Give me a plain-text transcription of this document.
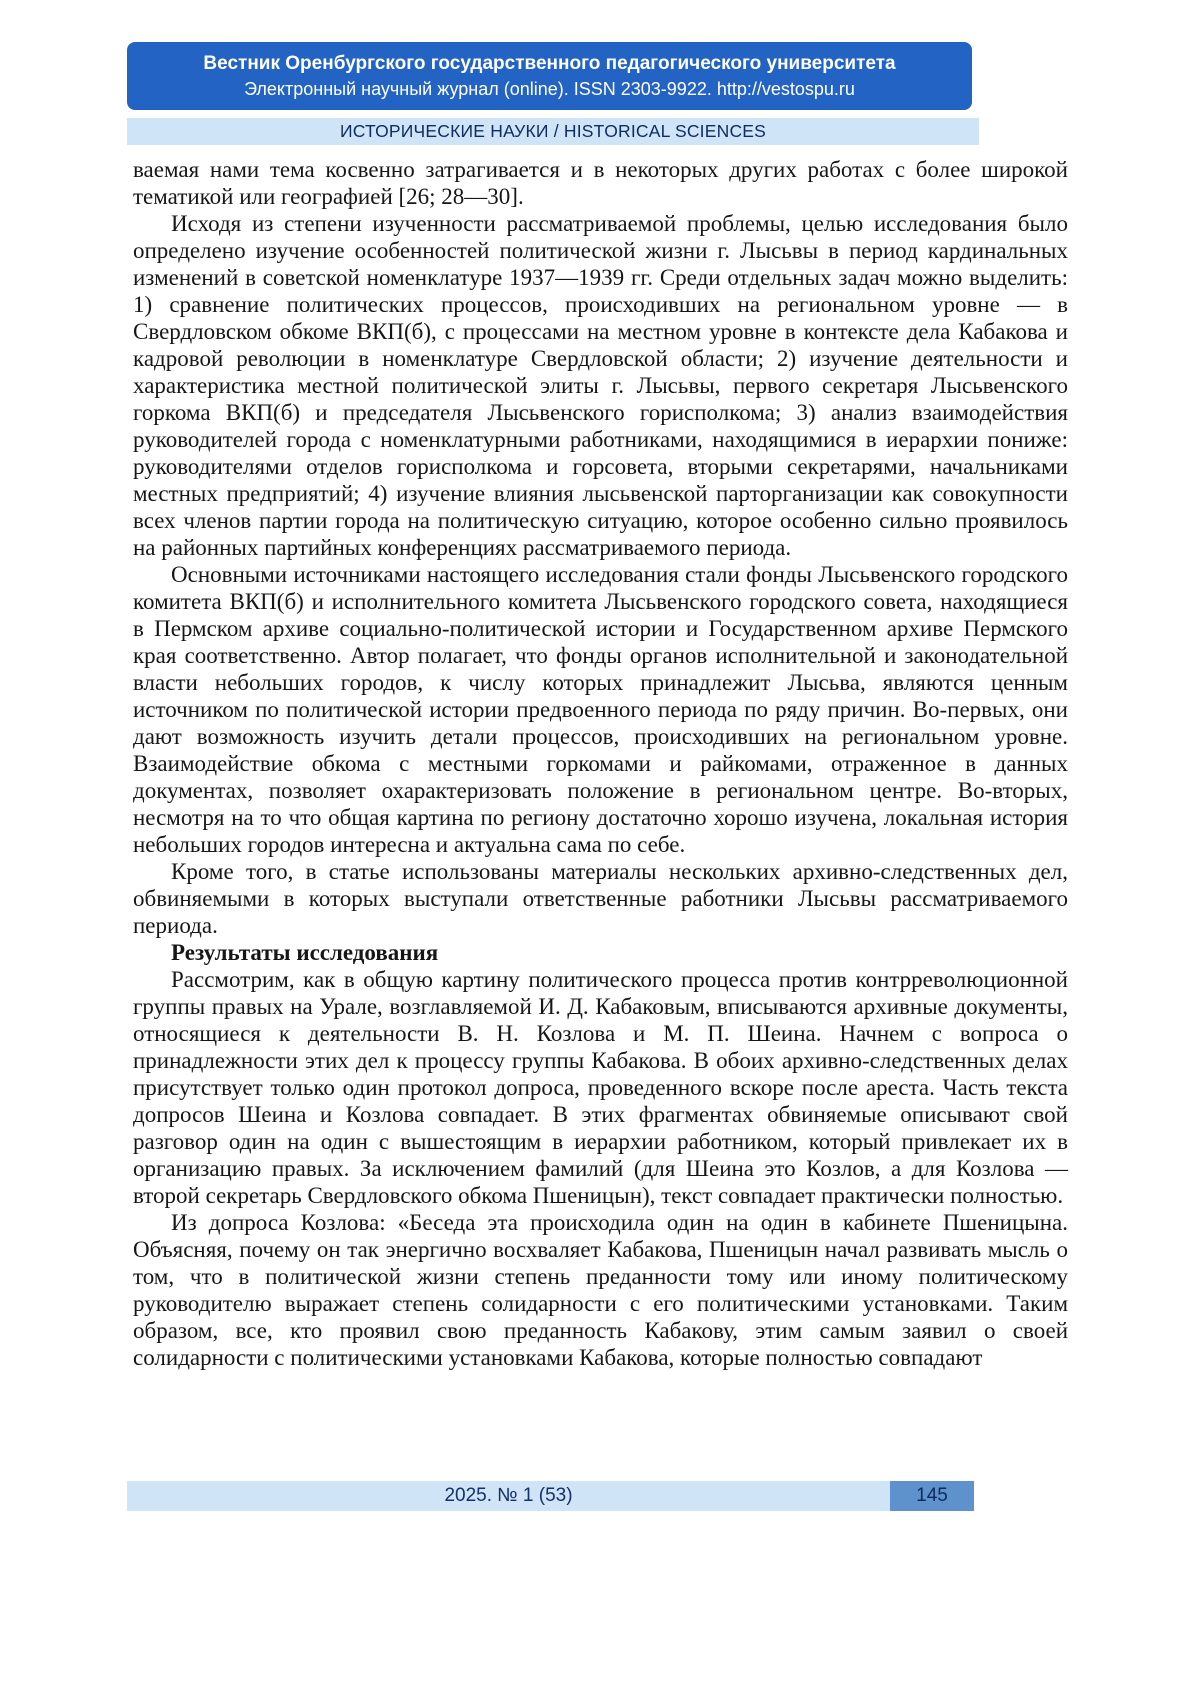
Вестник Оренбургского государственного педагогического университета
Электронный научный журнал (online). ISSN 2303-9922. http://vestospu.ru
ИСТОРИЧЕСКИЕ НАУКИ / HISTORICAL SCIENCES

ваемая нами тема косвенно затрагивается и в некоторых других работах с более широкой тематикой или географией [26; 28—30].

Исходя из степени изученности рассматриваемой проблемы, целью исследования было определено изучение особенностей политической жизни г. Лысьвы в период кардинальных изменений в советской номенклатуре 1937—1939 гг. Среди отдельных задач можно выделить: 1) сравнение политических процессов, происходивших на региональном уровне — в Свердловском обкоме ВКП(б), с процессами на местном уровне в контексте дела Кабакова и кадровой революции в номенклатуре Свердловской области; 2) изучение деятельности и характеристика местной политической элиты г. Лысьвы, первого секретаря Лысьвенского горкома ВКП(б) и председателя Лысьвенского горисполкома; 3) анализ взаимодействия руководителей города с номенклатурными работниками, находящимися в иерархии пониже: руководителями отделов горисполкома и горсовета, вторыми секретарями, начальниками местных предприятий; 4) изучение влияния лысьвенской парторганизации как совокупности всех членов партии города на политическую ситуацию, которое особенно сильно проявилось на районных партийных конференциях рассматриваемого периода.

Основными источниками настоящего исследования стали фонды Лысьвенского городского комитета ВКП(б) и исполнительного комитета Лысьвенского городского совета, находящиеся в Пермском архиве социально-политической истории и Государственном архиве Пермского края соответственно. Автор полагает, что фонды органов исполнительной и законодательной власти небольших городов, к числу которых принадлежит Лысьва, являются ценным источником по политической истории предвоенного периода по ряду причин. Во-первых, они дают возможность изучить детали процессов, происходивших на региональном уровне. Взаимодействие обкома с местными горкомами и райкомами, отраженное в данных документах, позволяет охарактеризовать положение в региональном центре. Во-вторых, несмотря на то что общая картина по региону достаточно хорошо изучена, локальная история небольших городов интересна и актуальна сама по себе.

Кроме того, в статье использованы материалы нескольких архивно-следственных дел, обвиняемыми в которых выступали ответственные работники Лысьвы рассматриваемого периода.

Результаты исследования

Рассмотрим, как в общую картину политического процесса против контрреволюционной группы правых на Урале, возглавляемой И. Д. Кабаковым, вписываются архивные документы, относящиеся к деятельности В. Н. Козлова и М. П. Шеина. Начнем с вопроса о принадлежности этих дел к процессу группы Кабакова. В обоих архивно-следственных делах присутствует только один протокол допроса, проведенного вскоре после ареста. Часть текста допросов Шеина и Козлова совпадает. В этих фрагментах обвиняемые описывают свой разговор один на один с вышестоящим в иерархии работником, который привлекает их в организацию правых. За исключением фамилий (для Шеина это Козлов, а для Козлова — второй секретарь Свердловского обкома Пшеницын), текст совпадает практически полностью.

Из допроса Козлова: «Беседа эта происходила один на один в кабинете Пшеницына. Объясняя, почему он так энергично восхваляет Кабакова, Пшеницын начал развивать мысль о том, что в политической жизни степень преданности тому или иному политическому руководителю выражает степень солидарности с его политическими установками. Таким образом, все, кто проявил свою преданность Кабакову, этим самым заявил о своей солидарности с политическими установками Кабакова, которые полностью совпадают

2025. № 1 (53)	145
